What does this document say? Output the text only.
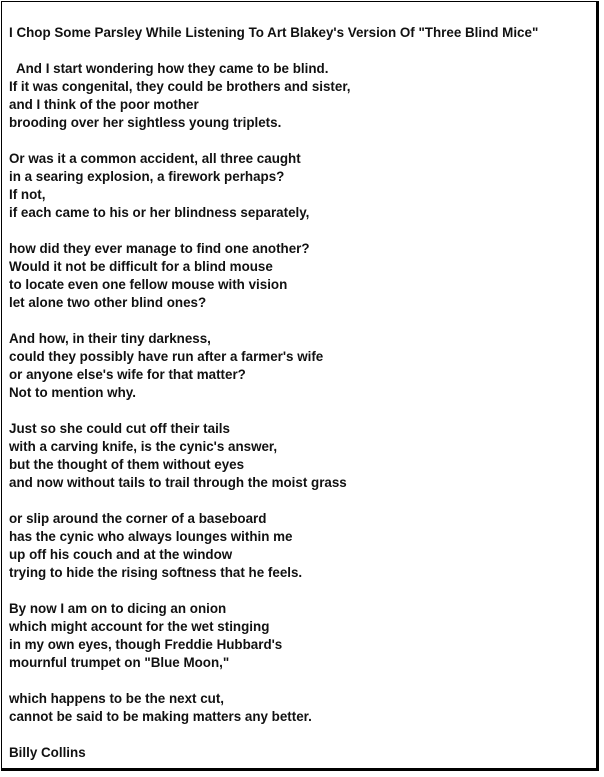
I Chop Some Parsley While Listening To Art Blakey's Version Of "Three Blind Mice"
And I start wondering how they came to be blind.
If it was congenital, they could be brothers and sister,
and I think of the poor mother
brooding over her sightless young triplets.
Or was it a common accident, all three caught
in a searing explosion, a firework perhaps?
If not,
if each came to his or her blindness separately,
how did they ever manage to find one another?
Would it not be difficult for a blind mouse
to locate even one fellow mouse with vision
let alone two other blind ones?
And how, in their tiny darkness,
could they possibly have run after a farmer's wife
or anyone else's wife for that matter?
Not to mention why.
Just so she could cut off their tails
with a carving knife, is the cynic's answer,
but the thought of them without eyes
and now without tails to trail through the moist grass
or slip around the corner of a baseboard
has the cynic who always lounges within me
up off his couch and at the window
trying to hide the rising softness that he feels.
By now I am on to dicing an onion
which might account for the wet stinging
in my own eyes, though Freddie Hubbard's
mournful trumpet on "Blue Moon,"
which happens to be the next cut,
cannot be said to be making matters any better.
Billy Collins
